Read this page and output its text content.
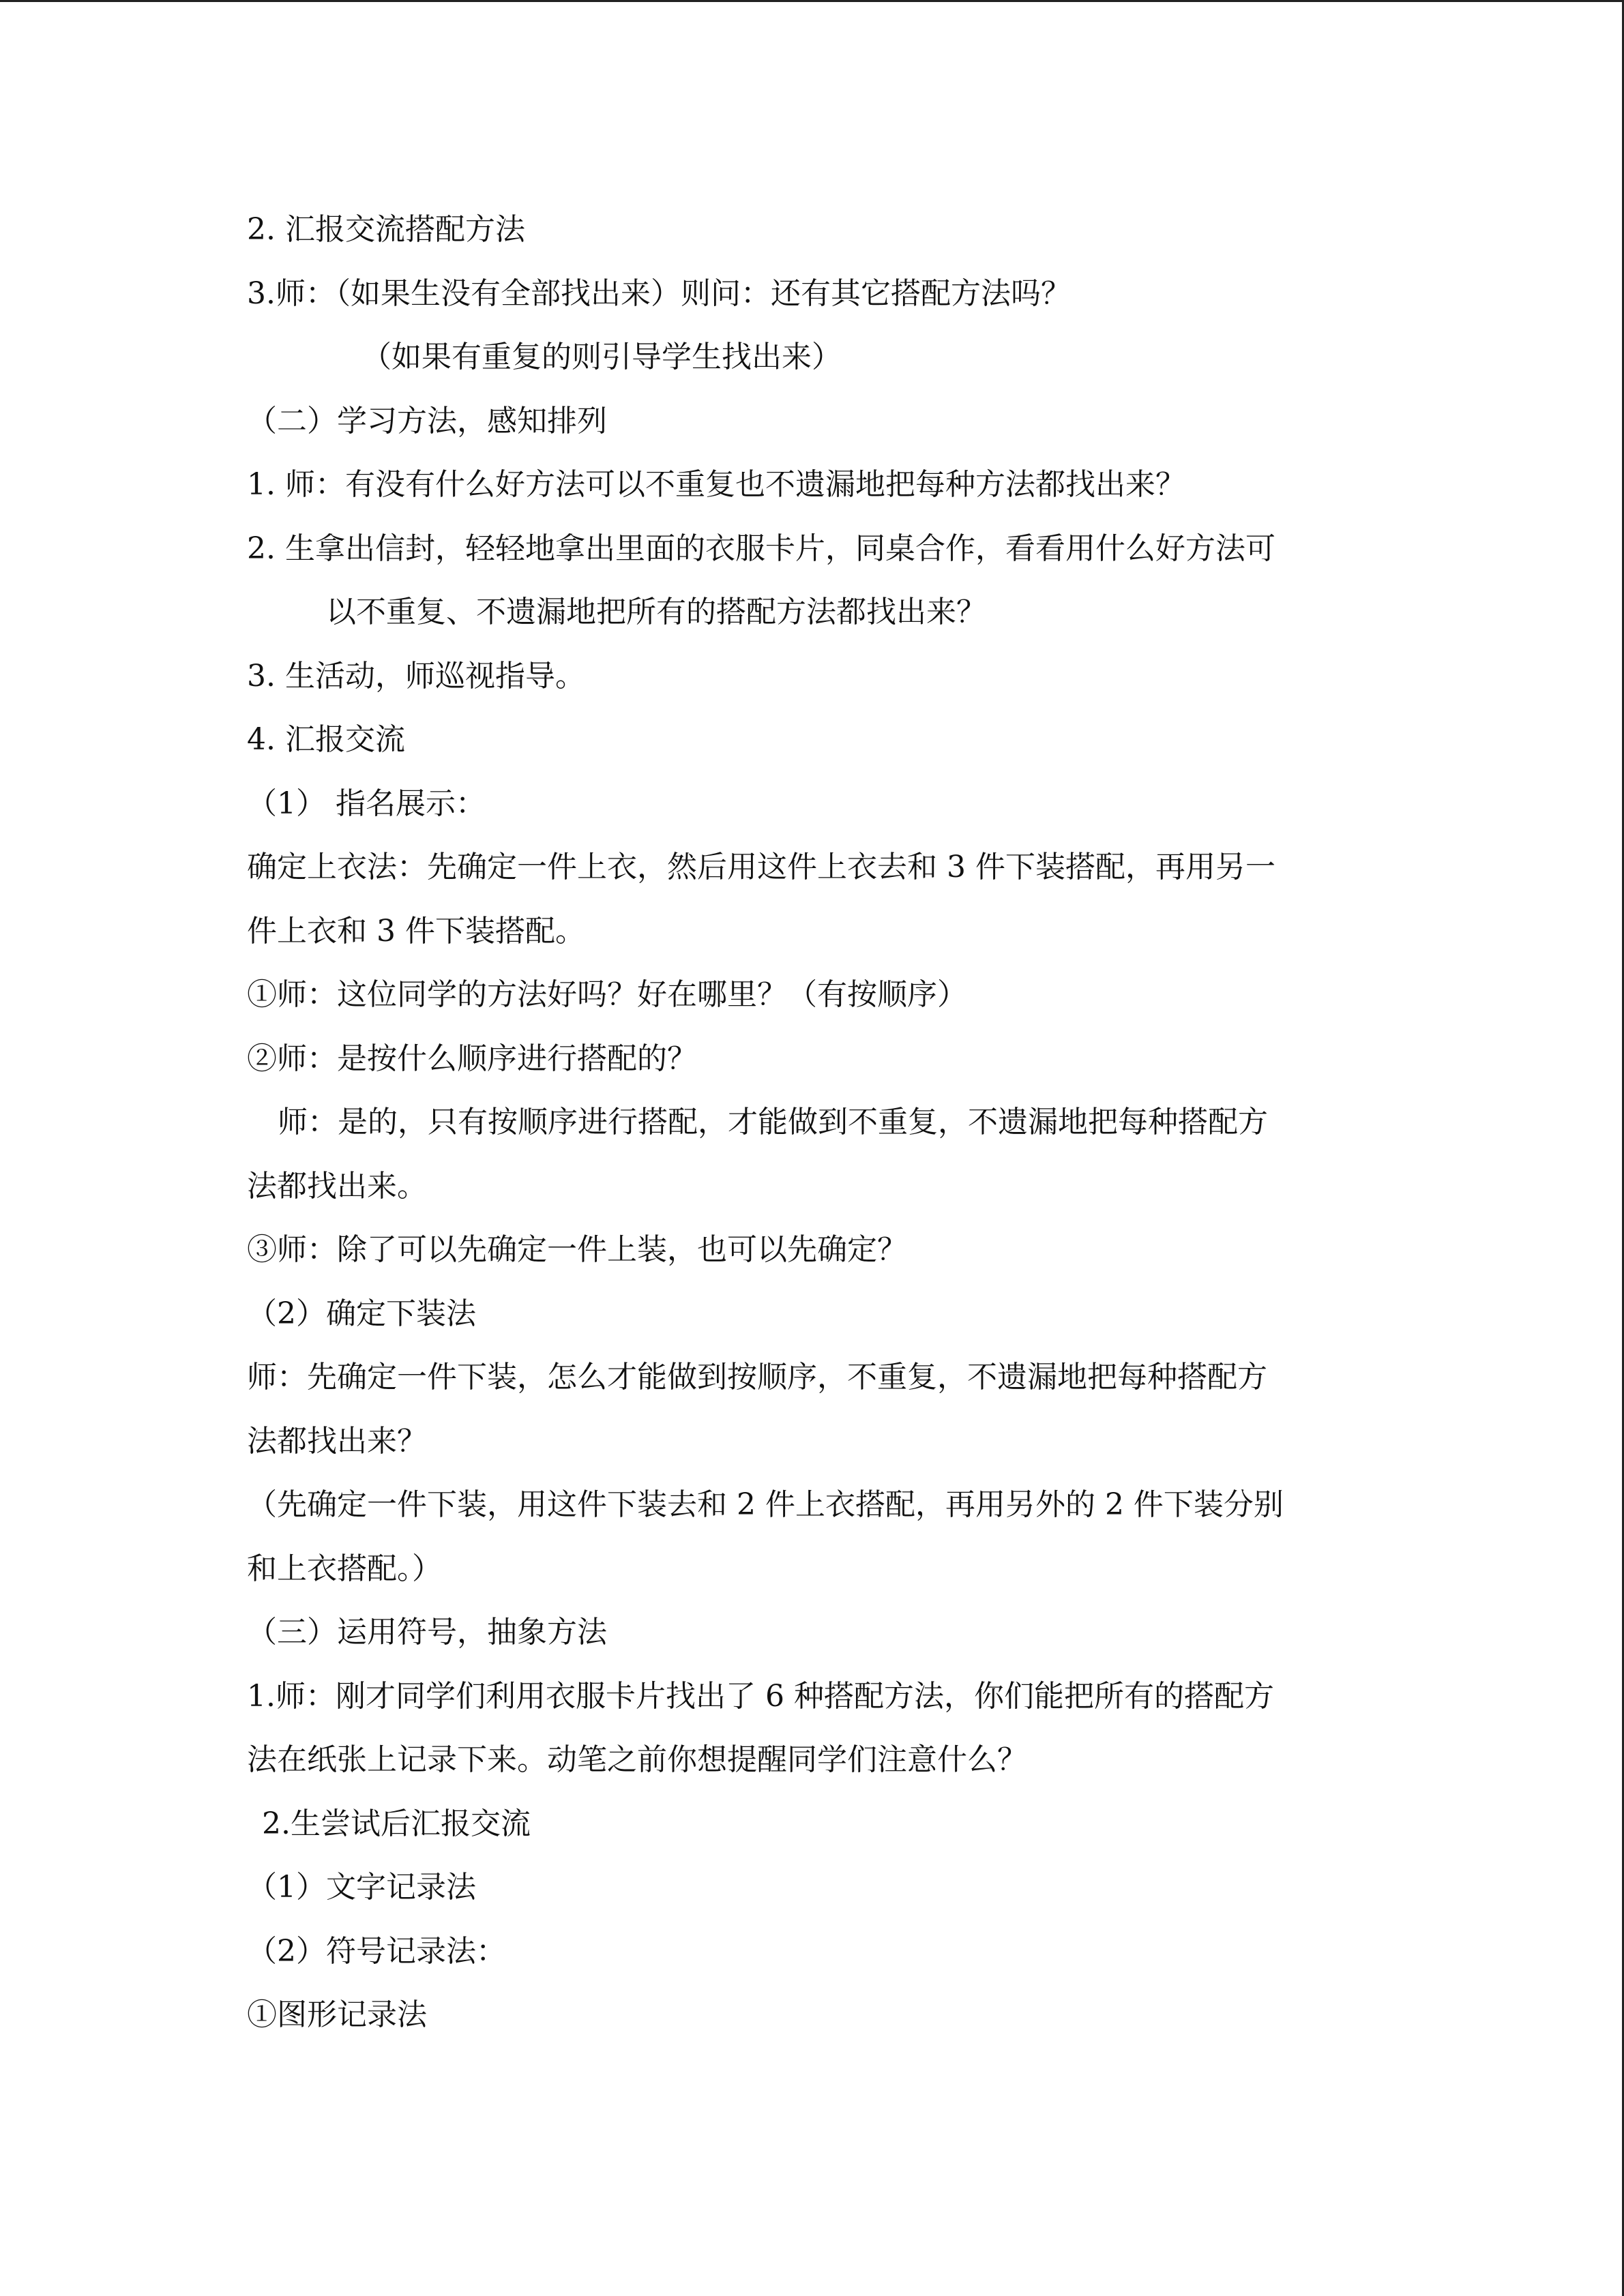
2. 汇报交流搭配方法
3.师：（如果生没有全部找出来）则问：还有其它搭配方法吗？
（如果有重复的则引导学生找出来）
（二）学习方法，感知排列
1. 师：有没有什么好方法可以不重复也不遗漏地把每种方法都找出来？
2. 生拿出信封，轻轻地拿出里面的衣服卡片，同桌合作，看看用什么好方法可
以不重复、不遗漏地把所有的搭配方法都找出来？
3. 生活动，师巡视指导。
4. 汇报交流
（1） 指名展示：
确定上衣法：先确定一件上衣，然后用这件上衣去和 3 件下装搭配，再用另一
件上衣和 3 件下装搭配。
①师：这位同学的方法好吗？好在哪里？（有按顺序）
②师：是按什么顺序进行搭配的？
师：是的，只有按顺序进行搭配，才能做到不重复，不遗漏地把每种搭配方
法都找出来。
③师：除了可以先确定一件上装，也可以先确定？
（2）确定下装法
师：先确定一件下装，怎么才能做到按顺序，不重复，不遗漏地把每种搭配方
法都找出来？
（先确定一件下装，用这件下装去和 2 件上衣搭配，再用另外的 2 件下装分别
和上衣搭配。）
（三）运用符号，抽象方法
1.师：刚才同学们利用衣服卡片找出了 6 种搭配方法，你们能把所有的搭配方
法在纸张上记录下来。动笔之前你想提醒同学们注意什么？
2.生尝试后汇报交流
（1）文字记录法
（2）符号记录法：
①图形记录法
